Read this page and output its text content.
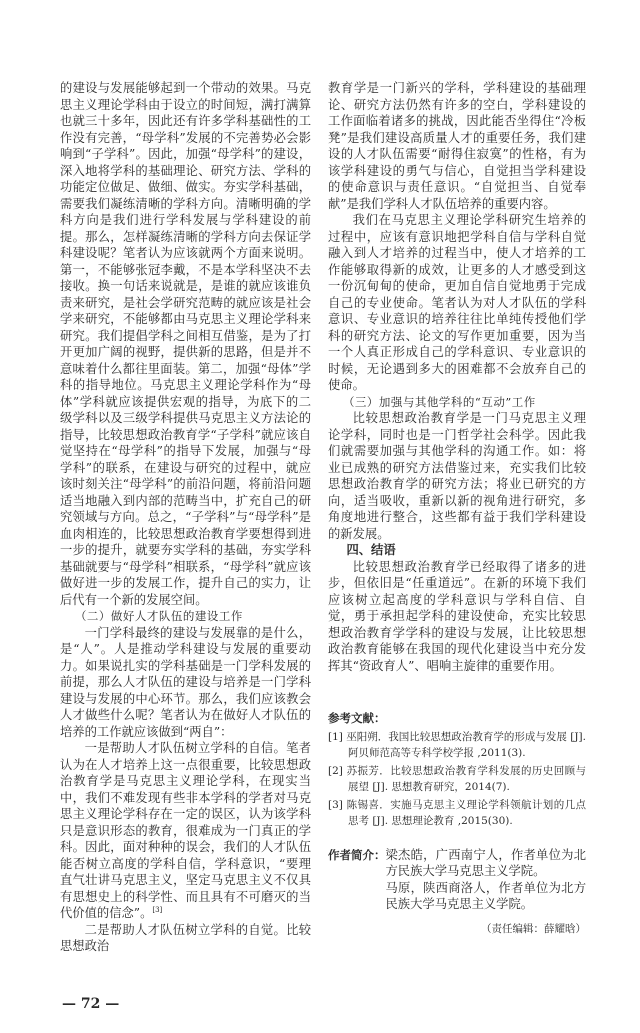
的建设与发展能够起到一个带动的效果。马克思主义理论学科由于设立的时间短，满打满算也就三十多年，因此还有许多学科基础性的工作没有完善，“母学科”发展的不完善势必会影响到“子学科”。因此，加强“母学科”的建设，深入地将学科的基础理论、研究方法、学科的功能定位做足、做细、做实。夯实学科基础，需要我们凝练清晰的学科方向。清晰明确的学科方向是我们进行学科发展与学科建设的前提。那么，怎样凝练清晰的学科方向去保证学科建设呢？笔者认为应该就两个方面来说明。第一，不能够张冠李戴，不是本学科坚决不去接收。换一句话来说就是，是谁的就应该谁负责来研究，是社会学研究范畴的就应该是社会学来研究，不能够都由马克思主义理论学科来研究。我们提倡学科之间相互借鉴，是为了打开更加广阔的视野，提供新的思路，但是并不意味着什么都往里面装。第二，加强“母体”学科的指导地位。马克思主义理论学科作为“母体”学科就应该提供宏观的指导，为底下的二级学科以及三级学科提供马克思主义方法论的指导，比较思想政治教育学“子学科”就应该自觉坚持在“母学科”的指导下发展，加强与“母学科”的联系，在建设与研究的过程中，就应该时刻关注“母学科”的前沿问题，将前沿问题适当地融入到内部的范畴当中，扩充自己的研究领域与方向。总之，“子学科”与“母学科”是血肉相连的，比较思想政治教育学要想得到进一步的提升，就要夯实学科的基础，夯实学科基础就要与“母学科”相联系，“母学科”就应该做好进一步的发展工作，提升自己的实力，让后代有一个新的发展空间。

（二）做好人才队伍的建设工作

一门学科最终的建设与发展靠的是什么，是“人”。人是推动学科建设与发展的重要动力。如果说扎实的学科基础是一门学科发展的前提，那么人才队伍的建设与培养是一门学科建设与发展的中心环节。那么，我们应该教会人才做些什么呢？笔者认为在做好人才队伍的培养的工作就应该做到“两自”：

一是帮助人才队伍树立学科的自信。笔者认为在人才培养上这一点很重要，比较思想政治教育学是马克思主义理论学科，在现实当中，我们不难发现有些非本学科的学者对马克思主义理论学科存在一定的误区，认为该学科只是意识形态的教育，很难成为一门真正的学科。因此，面对种种的误会，我们的人才队伍能否树立高度的学科自信，学科意识，“要理直气壮讲马克思主义，坚定马克思主义不仅具有思想史上的科学性、而且具有不可磨灭的当代价值的信念”。[3]

二是帮助人才队伍树立学科的自觉。比较思想政治

— 72 —

教育学是一门新兴的学科，学科建设的基础理论、研究方法仍然有许多的空白，学科建设的工作面临着诸多的挑战，因此能否坐得住“冷板凳”是我们建设高质量人才的重要任务，我们建设的人才队伍需要“耐得住寂寞”的性格，有为该学科建设的勇气与信心，自觉担当学科建设的使命意识与责任意识。“自觉担当、自觉奉献”是我们学科人才队伍培养的重要内容。

我们在马克思主义理论学科研究生培养的过程中，应该有意识地把学科自信与学科自觉融入到人才培养的过程当中，使人才培养的工作能够取得新的成效，让更多的人才感受到这一份沉甸甸的使命，更加自信自觉地勇于完成自己的专业使命。笔者认为对人才队伍的学科意识、专业意识的培养往往比单纯传授他们学科的研究方法、论文的写作更加重要，因为当一个人真正形成自己的学科意识、专业意识的时候，无论遇到多大的困难都不会放弃自己的使命。

（三）加强与其他学科的“互动”工作

比较思想政治教育学是一门马克思主义理论学科，同时也是一门哲学社会科学。因此我们就需要加强与其他学科的沟通工作。如：将业已成熟的研究方法借鉴过来，充实我们比较思想政治教育学的研究方法；将业已研究的方向，适当吸收，重新以新的视角进行研究，多角度地进行整合，这些都有益于我们学科建设的新发展。

四、结语

比较思想政治教育学已经取得了诸多的进步，但依旧是“任重道远”。在新的环境下我们应该树立起高度的学科意识与学科自信、自觉，勇于承担起学科的建设使命，充实比较思想政治教育学学科的建设与发展，让比较思想政治教育能够在我国的现代化建设当中充分发挥其“资政育人”、唱响主旋律的重要作用。

参考文献：

[1] 巫阳朔．我国比较思想政治教育学的形成与发展 [J]. 阿贝师范高等专科学校学报 ,2011(3).

[2] 苏振芳．比较思想政治教育学科发展的历史回顾与展望 [J]. 思想教育研究，2014(7).

[3] 陈锡喜．实施马克思主义理论学科领航计划的几点思考 [J]. 思想理论教育 ,2015(30).

作者简介： 梁杰皓，广西南宁人，作者单位为北方民族大学马克思主义学院。

马原，陕西商洛人，作者单位为北方民族大学马克思主义学院。

（责任编辑：薛耀晗）
